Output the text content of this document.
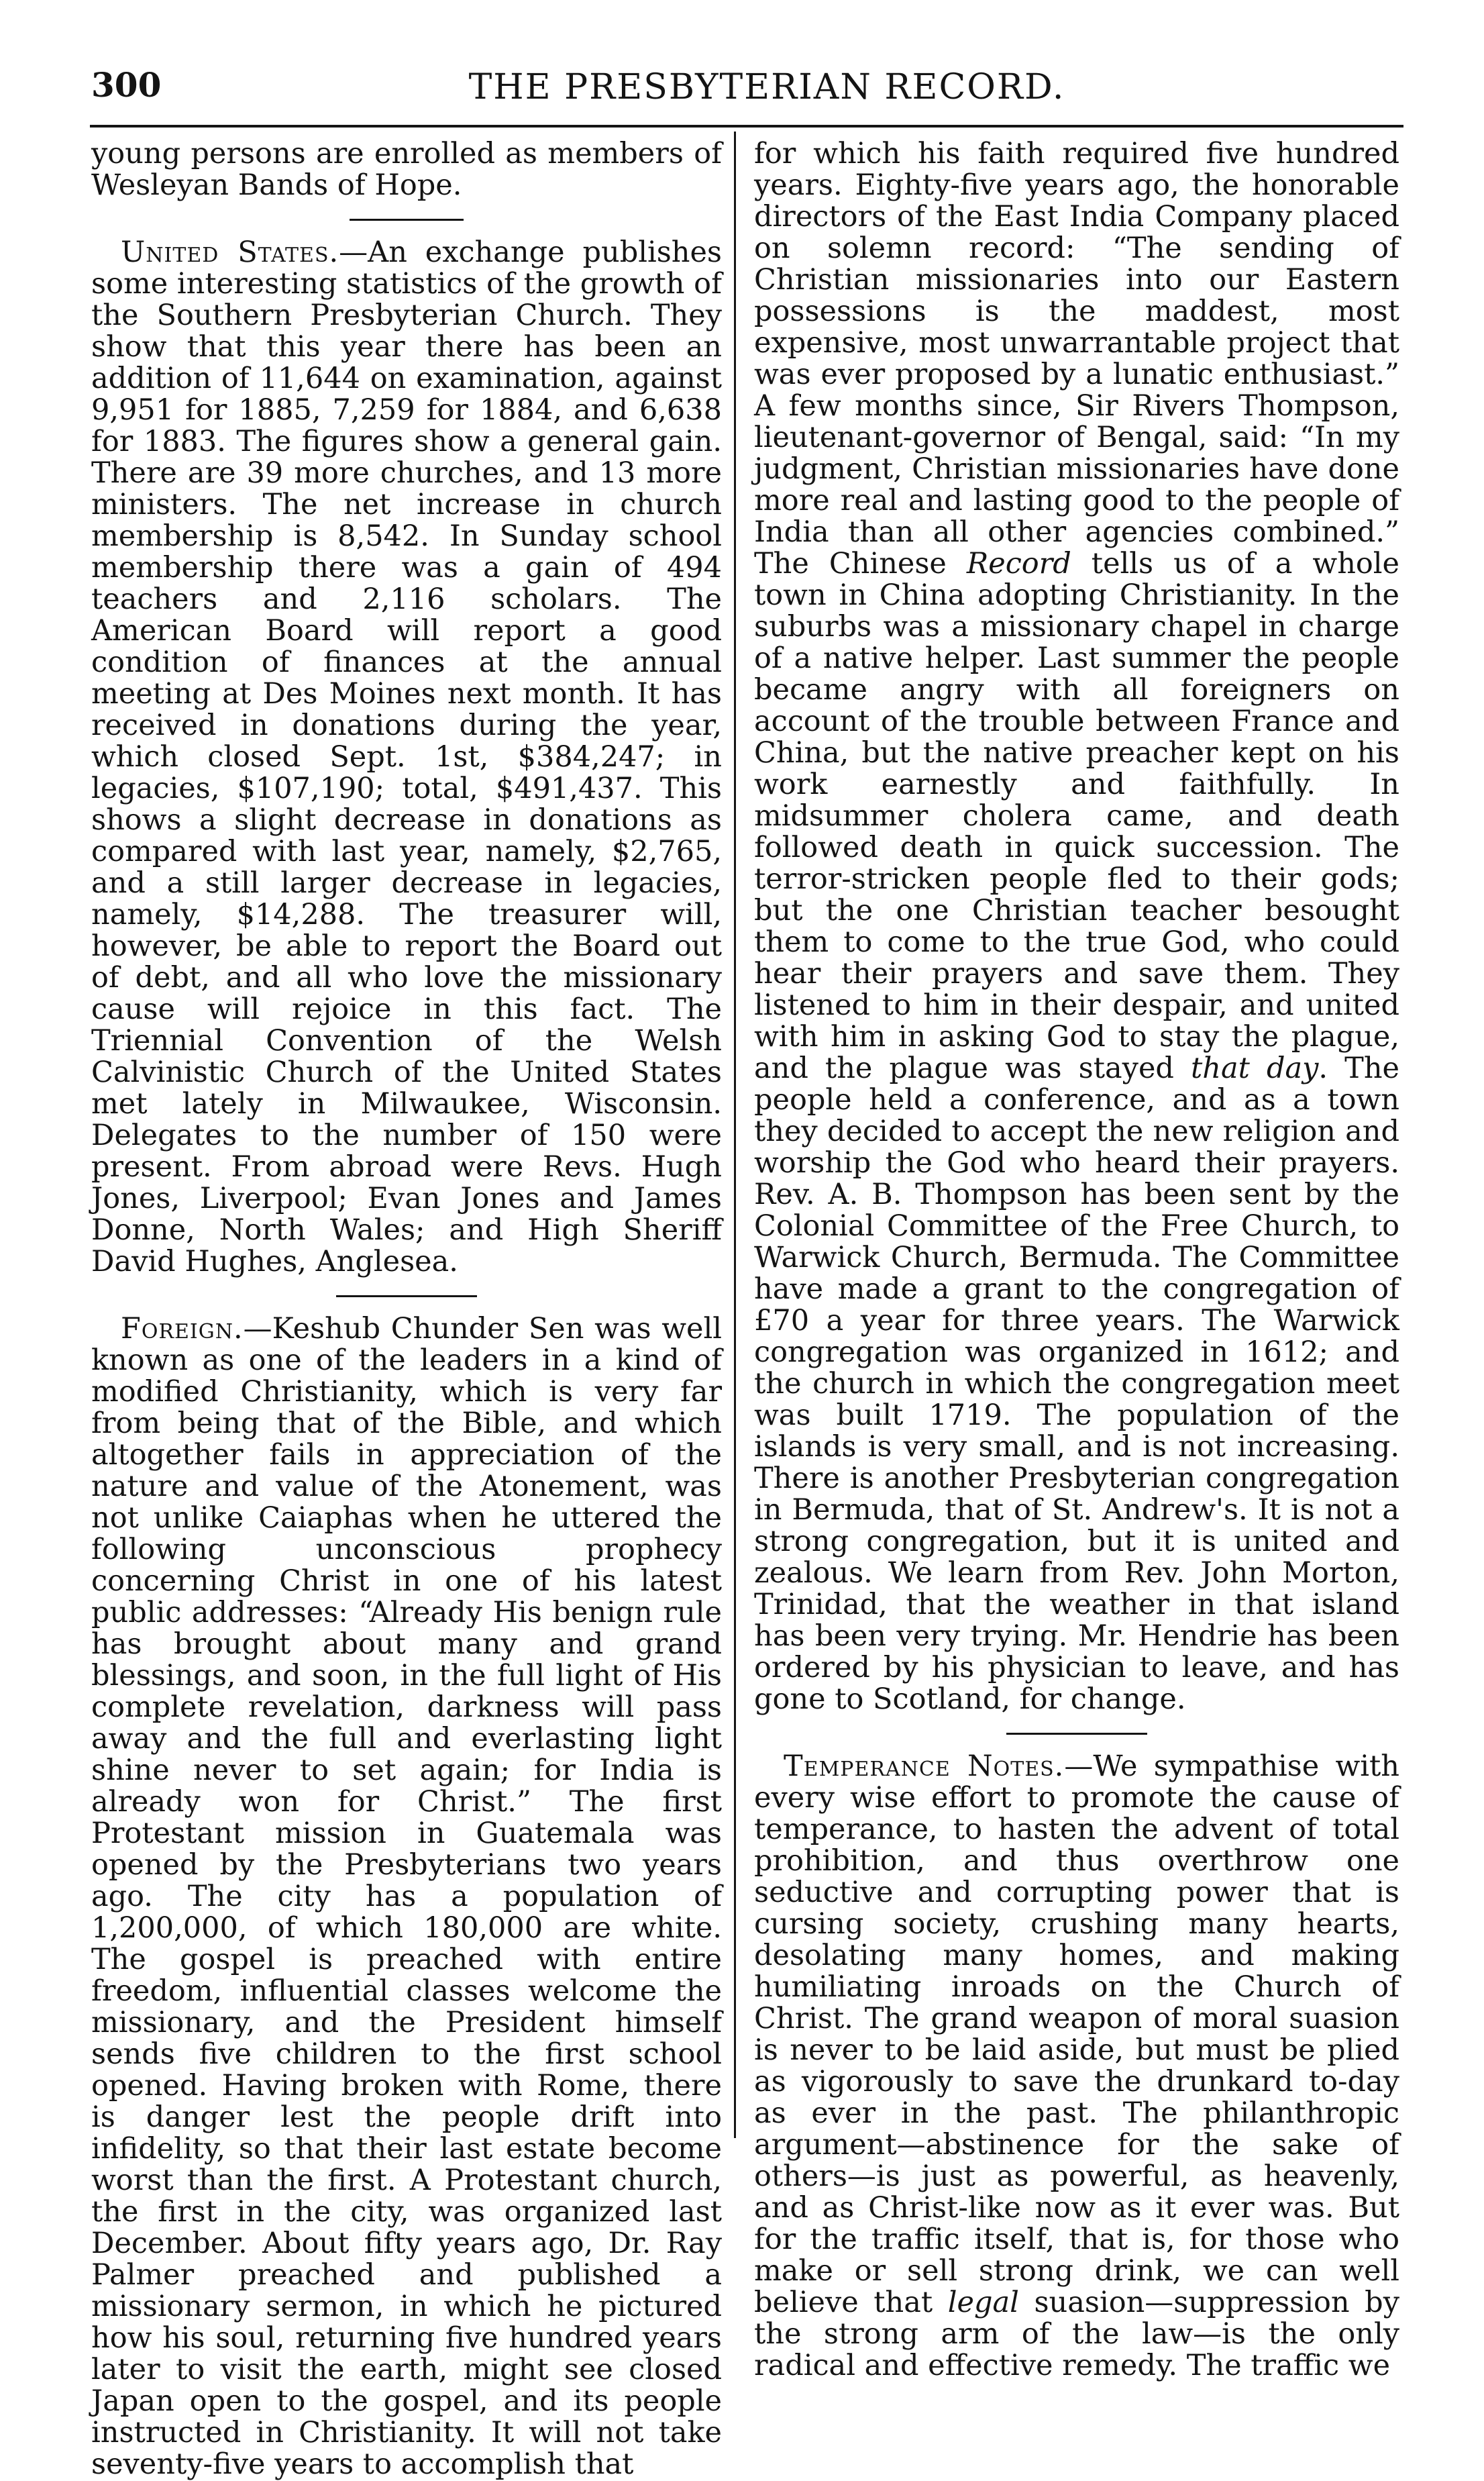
300	THE PRESBYTERIAN RECORD.

young persons are enrolled as members of Wesleyan Bands of Hope.

United States.—An exchange publishes some interesting statistics of the growth of the Southern Presbyterian Church. They show that this year there has been an addition of 11,644 on examination, against 9,951 for 1885, 7,259 for 1884, and 6,638 for 1883. The figures show a general gain. There are 39 more churches, and 13 more ministers. The net increase in church membership is 8,542. In Sunday school membership there was a gain of 494 teachers and 2,116 scholars. The American Board will report a good condition of finances at the annual meeting at Des Moines next month. It has received in donations during the year, which closed Sept. 1st, $384,247; in legacies, $107,190; total, $491,437. This shows a slight decrease in donations as compared with last year, namely, $2,765, and a still larger decrease in legacies, namely, $14,288. The treasurer will, however, be able to report the Board out of debt, and all who love the missionary cause will rejoice in this fact. The Triennial Convention of the Welsh Calvinistic Church of the United States met lately in Milwaukee, Wisconsin. Delegates to the number of 150 were present. From abroad were Revs. Hugh Jones, Liverpool; Evan Jones and James Donne, North Wales; and High Sheriff David Hughes, Anglesea.

Foreign.—Keshub Chunder Sen was well known as one of the leaders in a kind of modified Christianity, which is very far from being that of the Bible, and which altogether fails in appreciation of the nature and value of the Atonement, was not unlike Caiaphas when he uttered the following unconscious prophecy concerning Christ in one of his latest public addresses: “Already His benign rule has brought about many and grand blessings, and soon, in the full light of His complete revelation, darkness will pass away and the full and everlasting light shine never to set again; for India is already won for Christ.” The first Protestant mission in Guatemala was opened by the Presbyterians two years ago. The city has a population of 1,200,000, of which 180,000 are white. The gospel is preached with entire freedom, influential classes welcome the missionary, and the President himself sends five children to the first school opened. Having broken with Rome, there is danger lest the people drift into infidelity, so that their last estate become worst than the first. A Protestant church, the first in the city, was organized last December. About fifty years ago, Dr. Ray Palmer preached and published a missionary sermon, in which he pictured how his soul, returning five hundred years later to visit the earth, might see closed Japan open to the gospel, and its people instructed in Christianity. It will not take seventy-five years to accomplish that

for which his faith required five hundred years. Eighty-five years ago, the honorable directors of the East India Company placed on solemn record: “The sending of Christian missionaries into our Eastern possessions is the maddest, most expensive, most unwarrantable project that was ever proposed by a lunatic enthusiast.” A few months since, Sir Rivers Thompson, lieutenant-governor of Bengal, said: “In my judgment, Christian missionaries have done more real and lasting good to the people of India than all other agencies combined.” The Chinese Record tells us of a whole town in China adopting Christianity. In the suburbs was a missionary chapel in charge of a native helper. Last summer the people became angry with all foreigners on account of the trouble between France and China, but the native preacher kept on his work earnestly and faithfully. In midsummer cholera came, and death followed death in quick succession. The terror-stricken people fled to their gods; but the one Christian teacher besought them to come to the true God, who could hear their prayers and save them. They listened to him in their despair, and united with him in asking God to stay the plague, and the plague was stayed that day. The people held a conference, and as a town they decided to accept the new religion and worship the God who heard their prayers. Rev. A. B. Thompson has been sent by the Colonial Committee of the Free Church, to Warwick Church, Bermuda. The Committee have made a grant to the congregation of £70 a year for three years. The Warwick congregation was organized in 1612; and the church in which the congregation meet was built 1719. The population of the islands is very small, and is not increasing. There is another Presbyterian congregation in Bermuda, that of St. Andrew's. It is not a strong congregation, but it is united and zealous. We learn from Rev. John Morton, Trinidad, that the weather in that island has been very trying. Mr. Hendrie has been ordered by his physician to leave, and has gone to Scotland, for change.

Temperance Notes.—We sympathise with every wise effort to promote the cause of temperance, to hasten the advent of total prohibition, and thus overthrow one seductive and corrupting power that is cursing society, crushing many hearts, desolating many homes, and making humiliating inroads on the Church of Christ. The grand weapon of moral suasion is never to be laid aside, but must be plied as vigorously to save the drunkard to-day as ever in the past. The philanthropic argument—abstinence for the sake of others—is just as powerful, as heavenly, and as Christ-like now as it ever was. But for the traffic itself, that is, for those who make or sell strong drink, we can well believe that legal suasion—suppression by the strong arm of the law—is the only radical and effective remedy. The traffic we
